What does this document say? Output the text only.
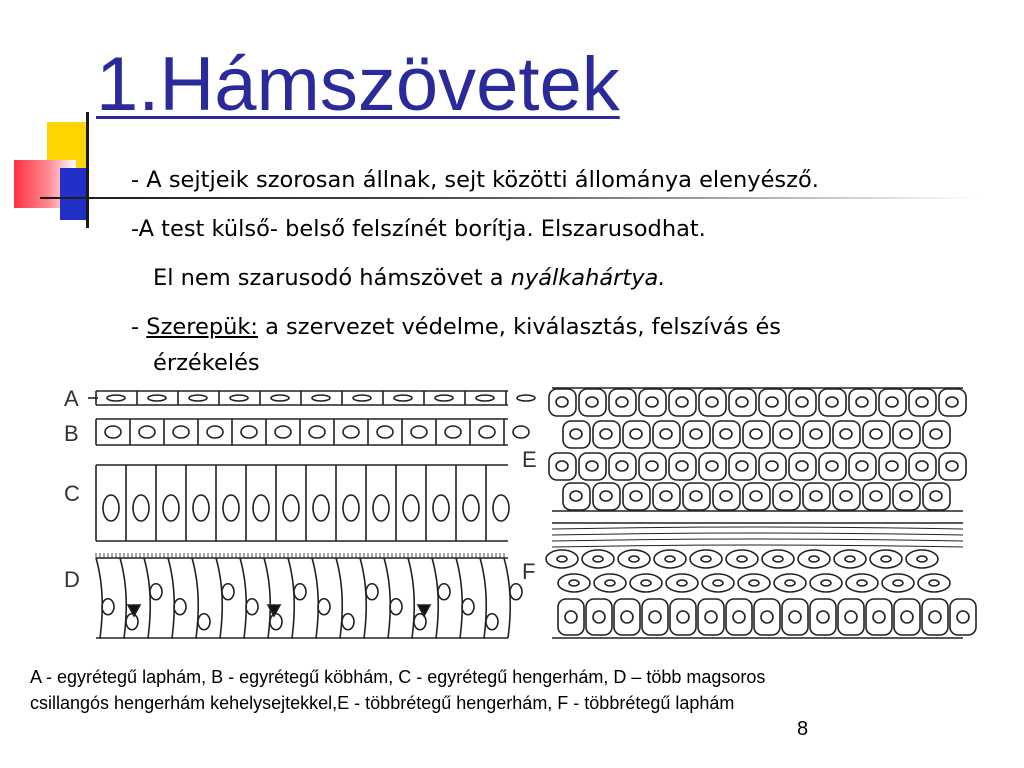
1.Hámszövetek
- A sejtjeik szorosan állnak, sejt közötti állománya elenyésző.
-A test külső- belső felszínét borítja. Elszarusodhat.
El nem szarusodó hámszövet a nyálkahártya.
- Szerepük: a szervezet védelme, kiválasztás, felszívás és
érzékelés
A
B
C
D
E
F
A - egyrétegű laphám, B - egyrétegű köbhám, C - egyrétegű hengerhám, D – több magsoros
csillangós hengerhám kehelysejtekkel,E - többrétegű hengerhám, F - többrétegű laphám
8
